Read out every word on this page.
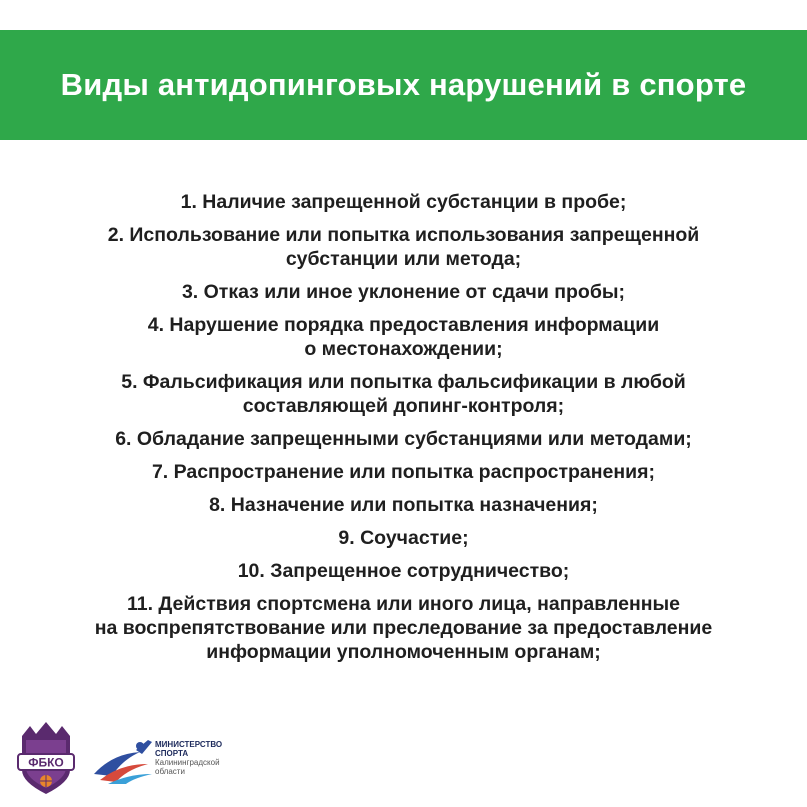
Виды антидопинговых нарушений в спорте
1. Наличие запрещенной субстанции в пробе;
2. Использование или попытка использования запрещенной
субстанции или метода;
3. Отказ или иное уклонение от сдачи пробы;
4. Нарушение порядка предоставления информации
о местонахождении;
5. Фальсификация или попытка фальсификации в любой
составляющей допинг-контроля;
6. Обладание запрещенными субстанциями или методами;
7. Распространение или попытка распространения;
8. Назначение или попытка назначения;
9. Соучастие;
10. Запрещенное сотрудничество;
11. Действия спортсмена или иного лица, направленные
на воспрепятствование или преследование за предоставление
информации уполномоченным органам;
ФБКО
МИНИСТЕРСТВО
СПОРТА
Калининградской
области
